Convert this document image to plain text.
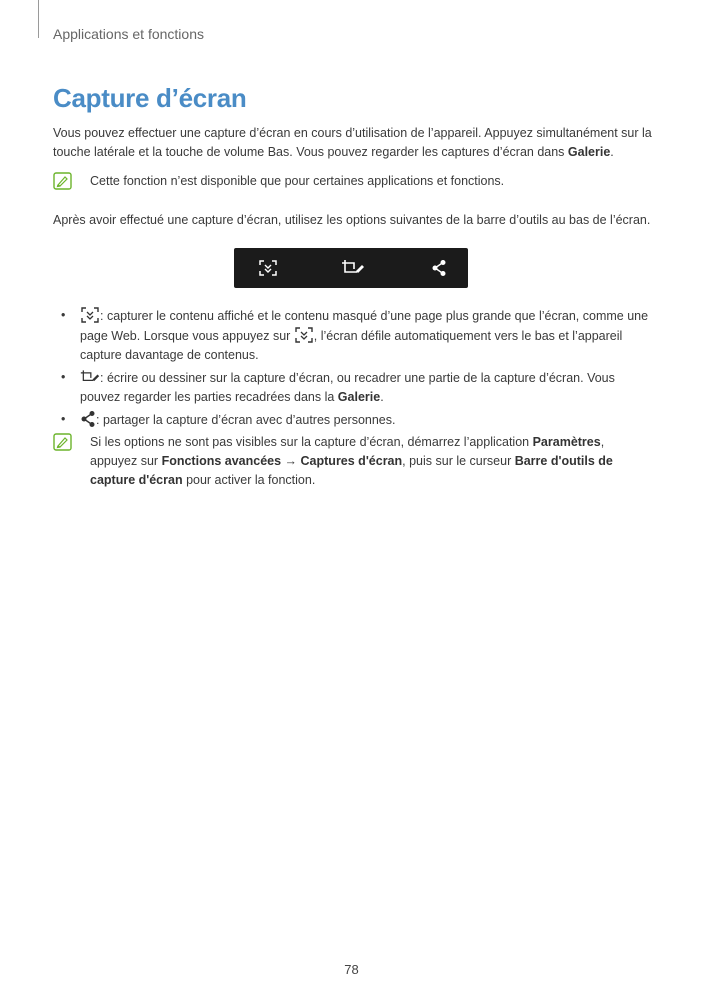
Applications et fonctions
Capture d’écran
Vous pouvez effectuer une capture d’écran en cours d’utilisation de l’appareil. Appuyez simultanément sur la touche latérale et la touche de volume Bas. Vous pouvez regarder les captures d’écran dans Galerie.
Cette fonction n’est disponible que pour certaines applications et fonctions.
Après avoir effectué une capture d’écran, utilisez les options suivantes de la barre d’outils au bas de l’écran.
•	: capturer le contenu affiché et le contenu masqué d’une page plus grande que l’écran, comme une page Web. Lorsque vous appuyez sur , l’écran défile automatiquement vers le bas et l’appareil capture davantage de contenus.
•	: écrire ou dessiner sur la capture d’écran, ou recadrer une partie de la capture d’écran. Vous pouvez regarder les parties recadrées dans la Galerie.
• : partager la capture d’écran avec d’autres personnes.
Si les options ne sont pas visibles sur la capture d’écran, démarrez l’application Paramètres, appuyez sur Fonctions avancées → Captures d'écran, puis sur le curseur Barre d'outils de capture d'écran pour activer la fonction.
78
